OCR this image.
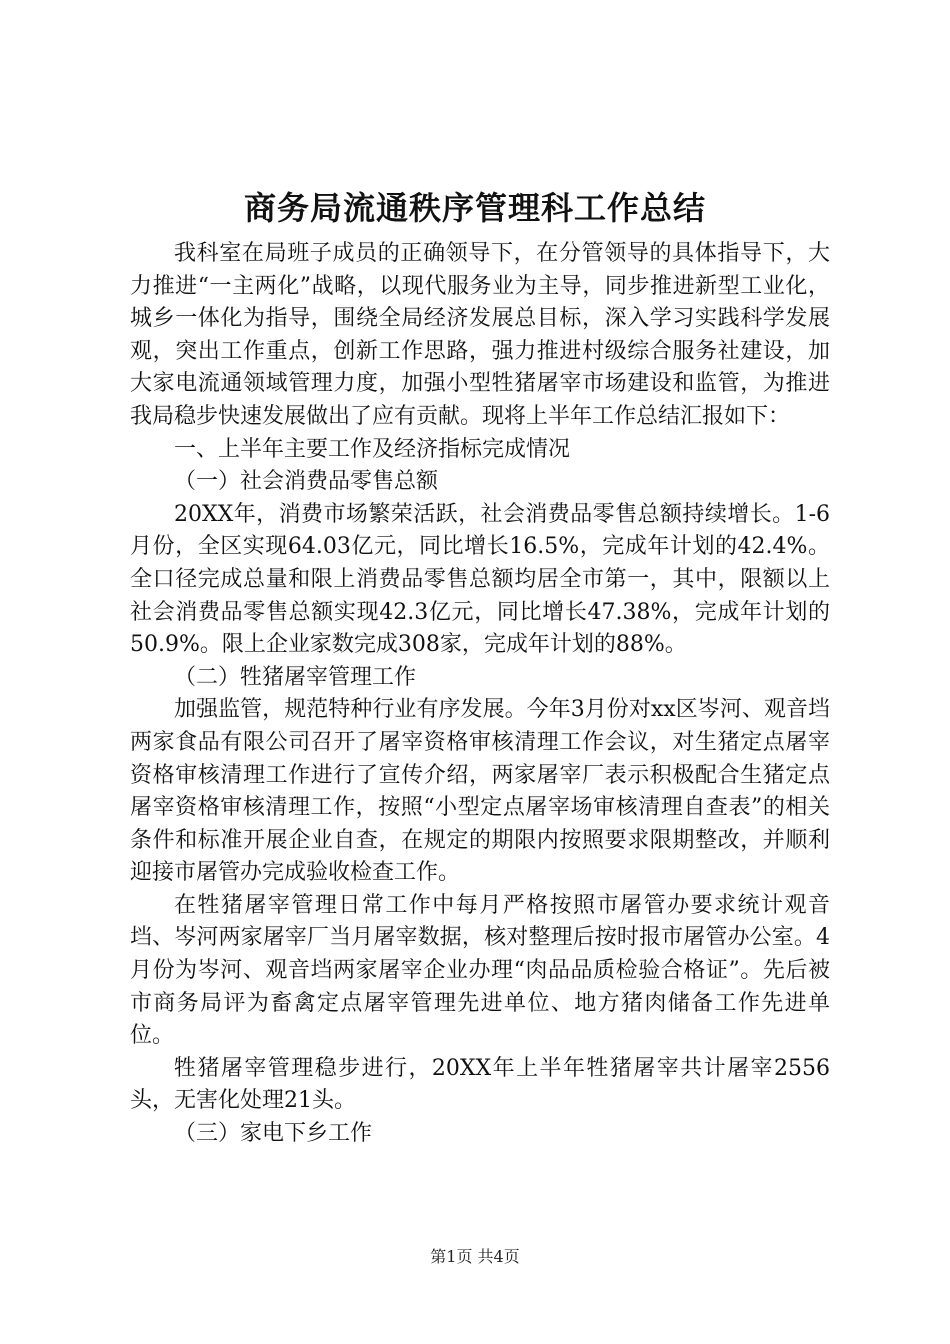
商务局流通秩序管理科工作总结

我科室在局班子成员的正确领导下，在分管领导的具体指导下，大力推进“一主两化”战略，以现代服务业为主导，同步推进新型工业化，城乡一体化为指导，围绕全局经济发展总目标，深入学习实践科学发展观，突出工作重点，创新工作思路，强力推进村级综合服务社建设，加大家电流通领域管理力度，加强小型牲猪屠宰市场建设和监管，为推进我局稳步快速发展做出了应有贡献。现将上半年工作总结汇报如下：

一、上半年主要工作及经济指标完成情况

（一）社会消费品零售总额

20XX年，消费市场繁荣活跃，社会消费品零售总额持续增长。1-6月份，全区实现64.03亿元，同比增长16.5%，完成年计划的42.4%。全口径完成总量和限上消费品零售总额均居全市第一，其中，限额以上社会消费品零售总额实现42.3亿元，同比增长47.38%，完成年计划的50.9%。限上企业家数完成308家，完成年计划的88%。

（二）牲猪屠宰管理工作

加强监管，规范特种行业有序发展。今年3月份对xx区岑河、观音垱两家食品有限公司召开了屠宰资格审核清理工作会议，对生猪定点屠宰资格审核清理工作进行了宣传介绍，两家屠宰厂表示积极配合生猪定点屠宰资格审核清理工作，按照“小型定点屠宰场审核清理自查表”的相关条件和标准开展企业自查，在规定的期限内按照要求限期整改，并顺利迎接市屠管办完成验收检查工作。

在牲猪屠宰管理日常工作中每月严格按照市屠管办要求统计观音垱、岑河两家屠宰厂当月屠宰数据，核对整理后按时报市屠管办公室。4月份为岑河、观音垱两家屠宰企业办理“肉品品质检验合格证”。先后被市商务局评为畜禽定点屠宰管理先进单位、地方猪肉储备工作先进单位。

牲猪屠宰管理稳步进行，20XX年上半年牲猪屠宰共计屠宰2556头，无害化处理21头。

（三）家电下乡工作

第1页 共4页
